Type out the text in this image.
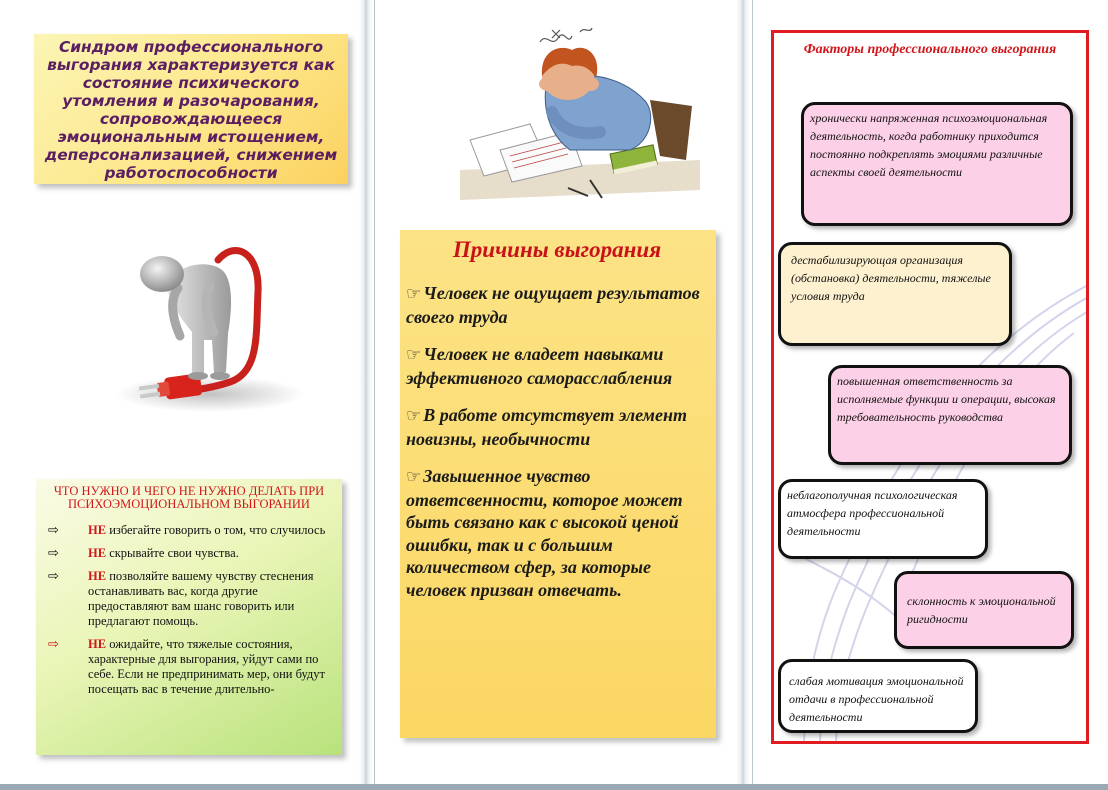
Синдром профессионального выгорания характеризуется как состояние психического утомления и разочарования, сопровождающееся эмоциональным истощением, деперсонализацией, снижением работоспособности
ЧТО НУЖНО И ЧЕГО НЕ НУЖНО ДЕЛАТЬ ПРИ ПСИХОЭМОЦИОНАЛЬНОМ ВЫГОРАНИИ
⇨ НЕ избегайте говорить о том, что случилось
⇨ НЕ скрывайте свои чувства.
⇨ НЕ позволяйте вашему чувству стеснения останавливать вас, когда другие предоставляют вам шанс говорить или предлагают помощь.
⇨ НЕ ожидайте, что тяжелые состояния, характерные для выгорания, уйдут сами по себе. Если не предпринимать мер, они будут посещать вас в течение длительно-
Причины выгорания

☞ Человек не ощущает результатов своего труда

☞ Человек не владеет навыками эффективного саморасслабления

☞ В работе отсутствует элемент новизны, необычности

☞ Завышенное чувство ответсвенности, которое может быть связано как с высокой ценой ошибки, так и с большим количеством сфер, за которые человек призван отвечать.

Факторы профессионального выгорания
хронически напряженная психоэмоциональная деятельность, когда работнику приходится постоянно подкреплять эмоциями различные аспекты своей деятельности
дестабилизирующая организация (обстановка) деятельности, тяжелые условия труда
повышенная ответственность за исполняемые функции и операции, высокая требовательность руководства
неблагополучная психологическая атмосфера профессиональной деятельности
склонность к эмоциональной ригидности
слабая мотивация эмоциональной отдачи в профессиональной деятельности
